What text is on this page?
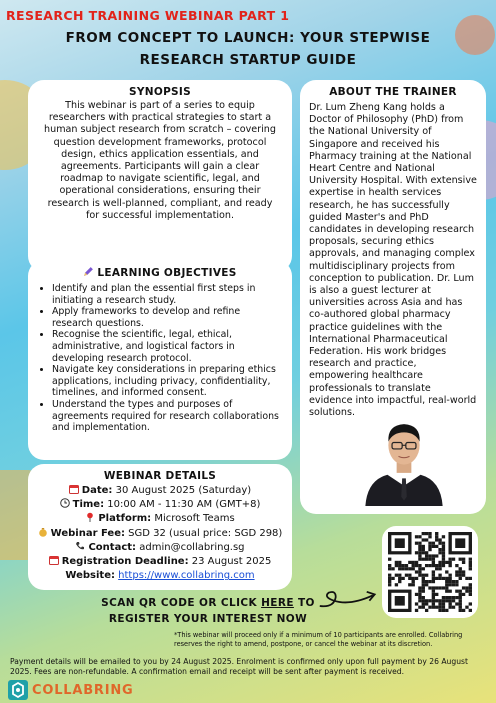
RESEARCH TRAINING WEBINAR PART 1
FROM CONCEPT TO LAUNCH: YOUR STEPWISE
RESEARCH STARTUP GUIDE
SYNOPSIS
This webinar is part of a series to equip researchers with practical strategies to start a human subject research from scratch – covering question development frameworks, protocol design, ethics application essentials, and agreements. Participants will gain a clear roadmap to navigate scientific, legal, and operational considerations, ensuring their research is well-planned, compliant, and ready for successful implementation.
LEARNING OBJECTIVES
• Identify and plan the essential first steps in initiating a research study.
• Apply frameworks to develop and refine research questions.
• Recognise the scientific, legal, ethical, administrative, and logistical factors in developing research protocol.
• Navigate key considerations in preparing ethics applications, including privacy, confidentiality, timelines, and informed consent.
• Understand the types and purposes of agreements required for research collaborations and implementation.
WEBINAR DETAILS
Date: 30 August 2025 (Saturday)
Time: 10:00 AM - 11:30 AM (GMT+8)
Platform: Microsoft Teams
Webinar Fee: SGD 32 (usual price: SGD 298)
Contact: admin@collabring.sg
Registration Deadline: 23 August 2025
Website: https://www.collabring.com
ABOUT THE TRAINER
Dr. Lum Zheng Kang holds a Doctor of Philosophy (PhD) from the National University of Singapore and received his Pharmacy training at the National Heart Centre and National University Hospital. With extensive expertise in health services research, he has successfully guided Master's and PhD candidates in developing research proposals, securing ethics approvals, and managing complex multidisciplinary projects from conception to publication. Dr. Lum is also a guest lecturer at universities across Asia and has co-authored global pharmacy practice guidelines with the International Pharmaceutical Federation. His work bridges research and practice, empowering healthcare professionals to translate evidence into impactful, real-world solutions.
SCAN QR CODE OR CLICK HERE TO
REGISTER YOUR INTEREST NOW
*This webinar will proceed only if a minimum of 10 participants are enrolled. Collabring reserves the right to amend, postpone, or cancel the webinar at its discretion.
Payment details will be emailed to you by 24 August 2025. Enrolment is confirmed only upon full payment by 26 August 2025. Fees are non-refundable. A confirmation email and receipt will be sent after payment is received.
COLLABRING
